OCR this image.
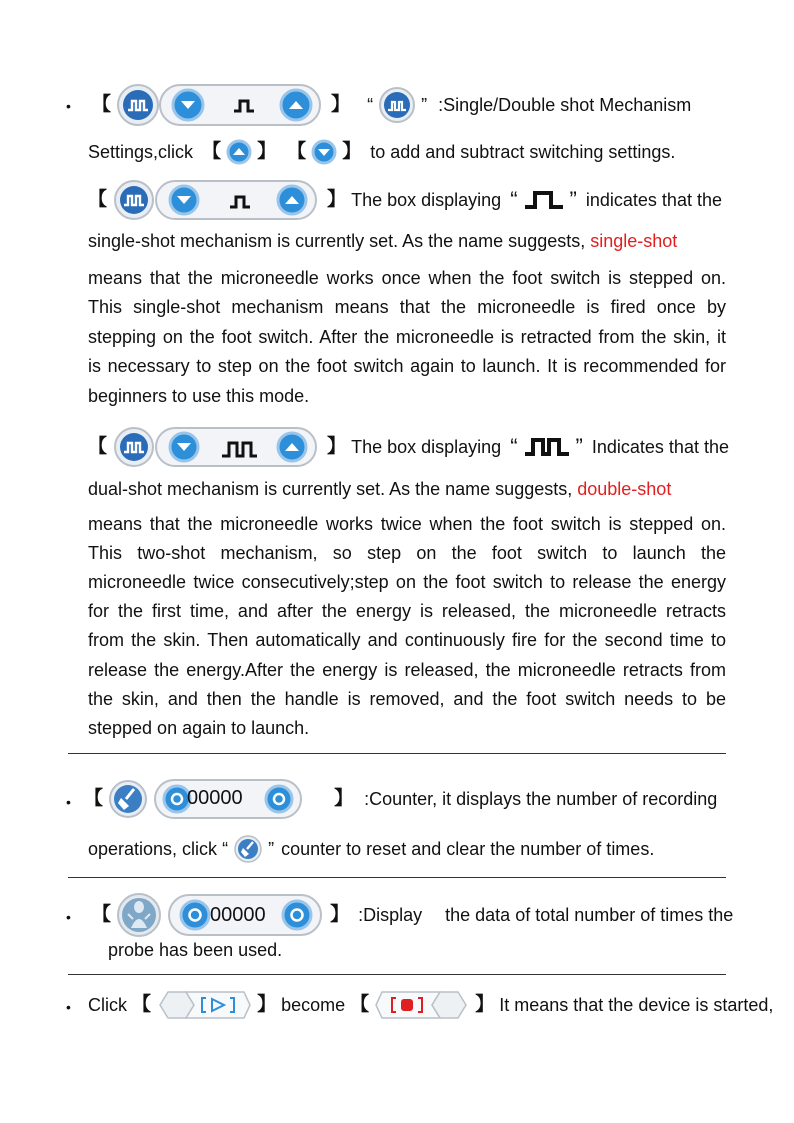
• 【	】 “	” :Single/Double shot Mechanism
Settings,click 【 】 【 】 to add and subtract switching settings.
【	】 The box displaying “ ” indicates that the
single-shot mechanism is currently set. As the name suggests, single-shot
means that the microneedle works once when the foot switch is stepped on.
This single-shot mechanism means that the microneedle is fired once by
stepping on the foot switch. After the microneedle is retracted from the skin, it
is necessary to step on the foot switch again to launch. It is recommended for
beginners to use this mode.
【	】 The box displaying “	” Indicates that the
dual-shot mechanism is currently set. As the name suggests, double-shot
means that the microneedle works twice when the foot switch is stepped on.
This two-shot mechanism, so step on the foot switch to launch the
microneedle twice consecutively;step on the foot switch to release the energy
for the first time, and after the energy is released, the microneedle retracts
from the skin. Then automatically and continuously fire for the second time to
release the energy.After the energy is released, the microneedle retracts from
the skin, and then the handle is removed, and the foot switch needs to be
stepped on again to launch.
• 【

	00000	】 :Counter, it displays the number of recording
operations, click “ ” counter to reset and clear the number of times.
• 【

	00000	】 :Display the data of total number of times the
probe has been used.
• Click 【	】 become 【	】 It means that the device is started,
